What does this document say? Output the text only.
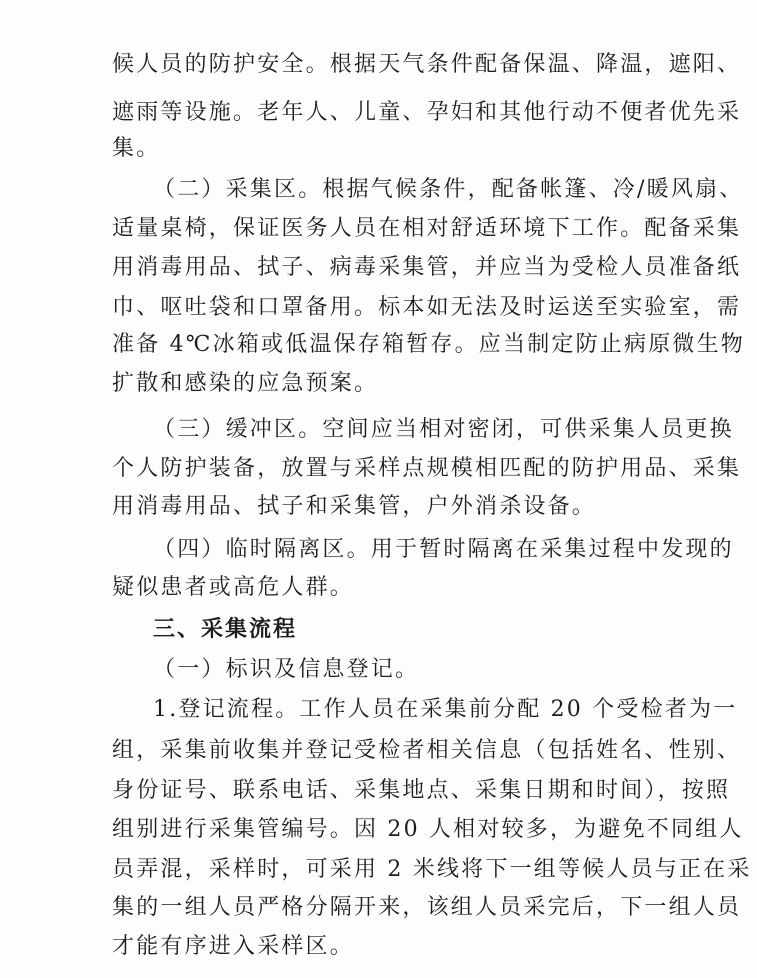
候人员的防护安全。根据天气条件配备保温、降温，遮阳、
遮雨等设施。老年人、儿童、孕妇和其他行动不便者优先采
集。
（二）采集区。根据气候条件，配备帐篷、冷/暖风扇、
适量桌椅，保证医务人员在相对舒适环境下工作。配备采集
用消毒用品、拭子、病毒采集管，并应当为受检人员准备纸
巾、呕吐袋和口罩备用。标本如无法及时运送至实验室，需
准备 4℃冰箱或低温保存箱暂存。应当制定防止病原微生物
扩散和感染的应急预案。
（三）缓冲区。空间应当相对密闭，可供采集人员更换
个人防护装备，放置与采样点规模相匹配的防护用品、采集
用消毒用品、拭子和采集管，户外消杀设备。
（四）临时隔离区。用于暂时隔离在采集过程中发现的
疑似患者或高危人群。
三、采集流程
（一）标识及信息登记。
1.登记流程。工作人员在采集前分配 20 个受检者为一
组，采集前收集并登记受检者相关信息（包括姓名、性别、
身份证号、联系电话、采集地点、采集日期和时间），按照
组别进行采集管编号。因 20 人相对较多，为避免不同组人
员弄混，采样时，可采用 2 米线将下一组等候人员与正在采
集的一组人员严格分隔开来，该组人员采完后，下一组人员
才能有序进入采样区。
